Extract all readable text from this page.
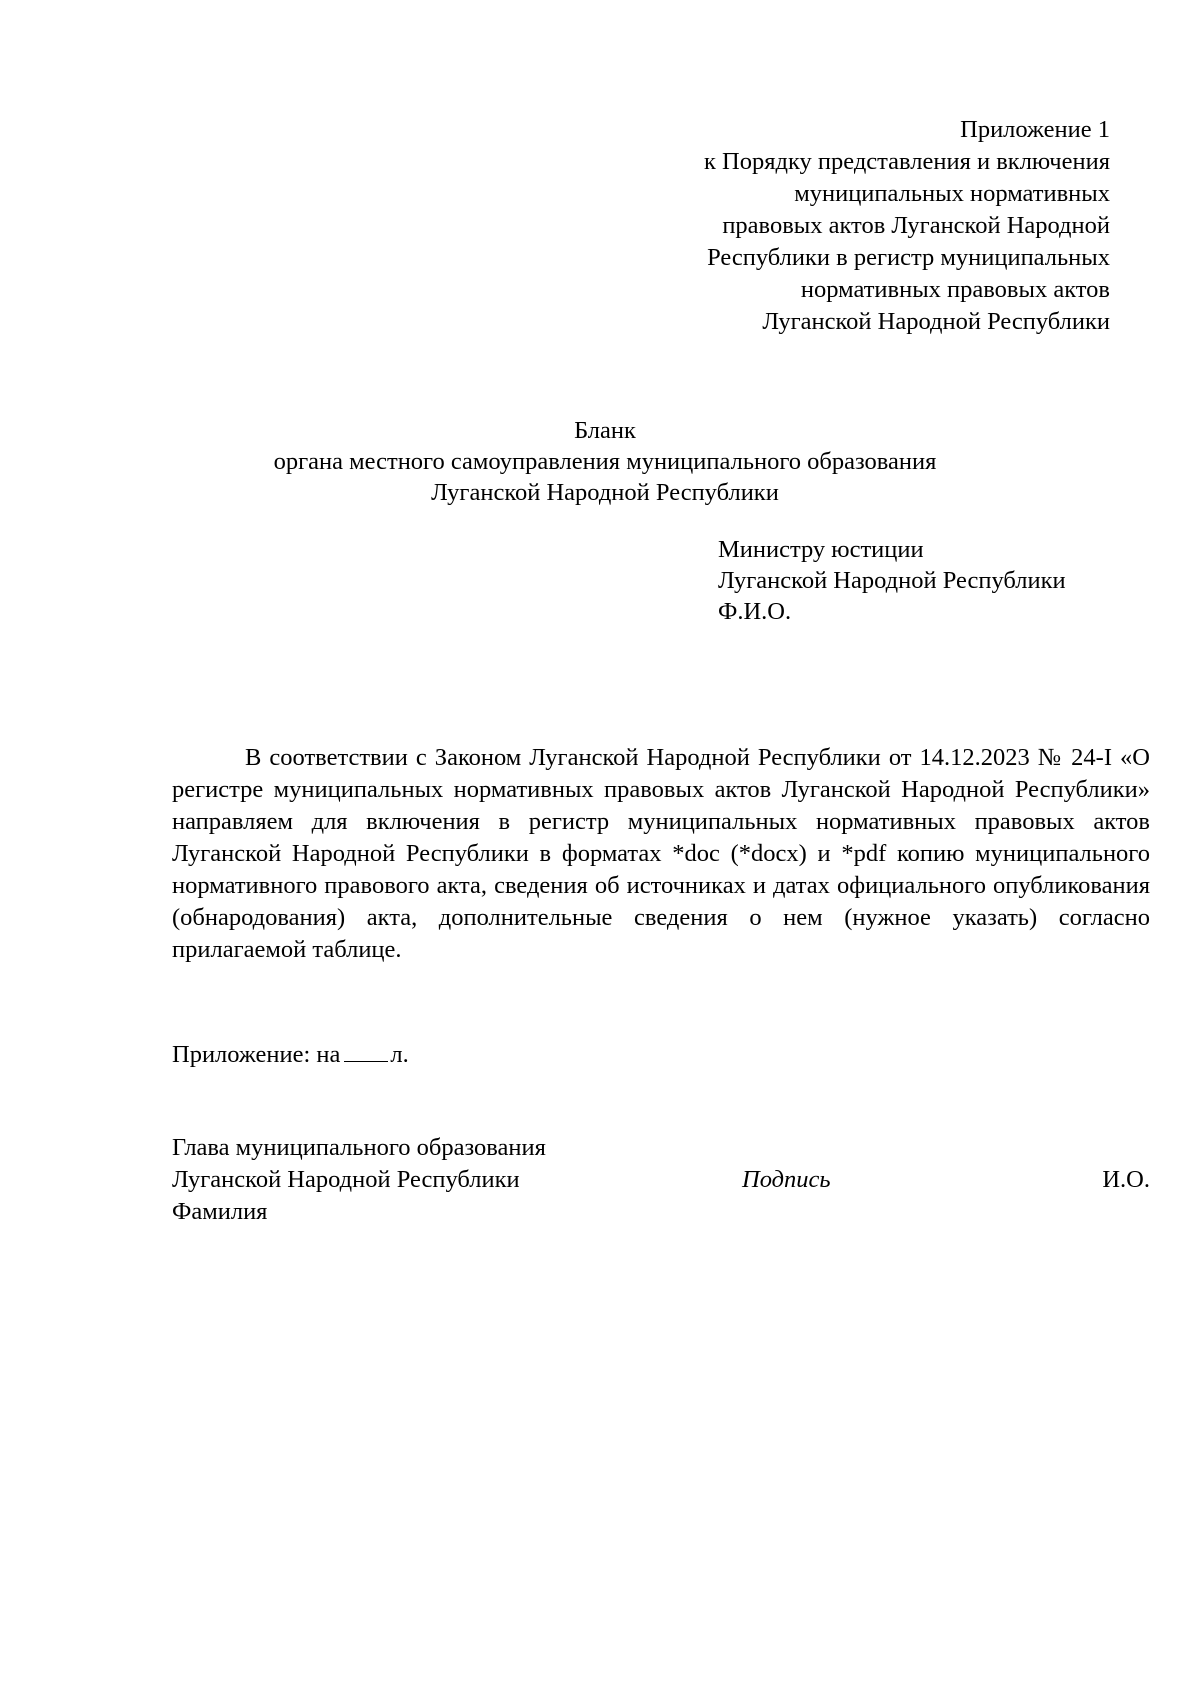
Приложение 1
к Порядку представления и включения
муниципальных нормативных
правовых актов Луганской Народной
Республики в регистр муниципальных
нормативных правовых актов
Луганской Народной Республики
Бланк
органа местного самоуправления муниципального образования
Луганской Народной Республики
Министру юстиции
Луганской Народной Республики
Ф.И.О.

В соответствии с Законом Луганской Народной Республики от 14.12.2023 № 24-I «О регистре муниципальных нормативных правовых актов Луганской Народной Республики» направляем для включения в регистр муниципальных нормативных правовых актов Луганской Народной Республики в форматах *doc (*docx) и *pdf копию муниципального нормативного правового акта, сведения об источниках и датах официального опубликования (обнародования) акта, дополнительные сведения о нем (нужное указать) согласно прилагаемой таблице.

Приложение: на л.
Глава муниципального образования
Луганской Народной Республики
Фамилия
Подпись	И.О.
